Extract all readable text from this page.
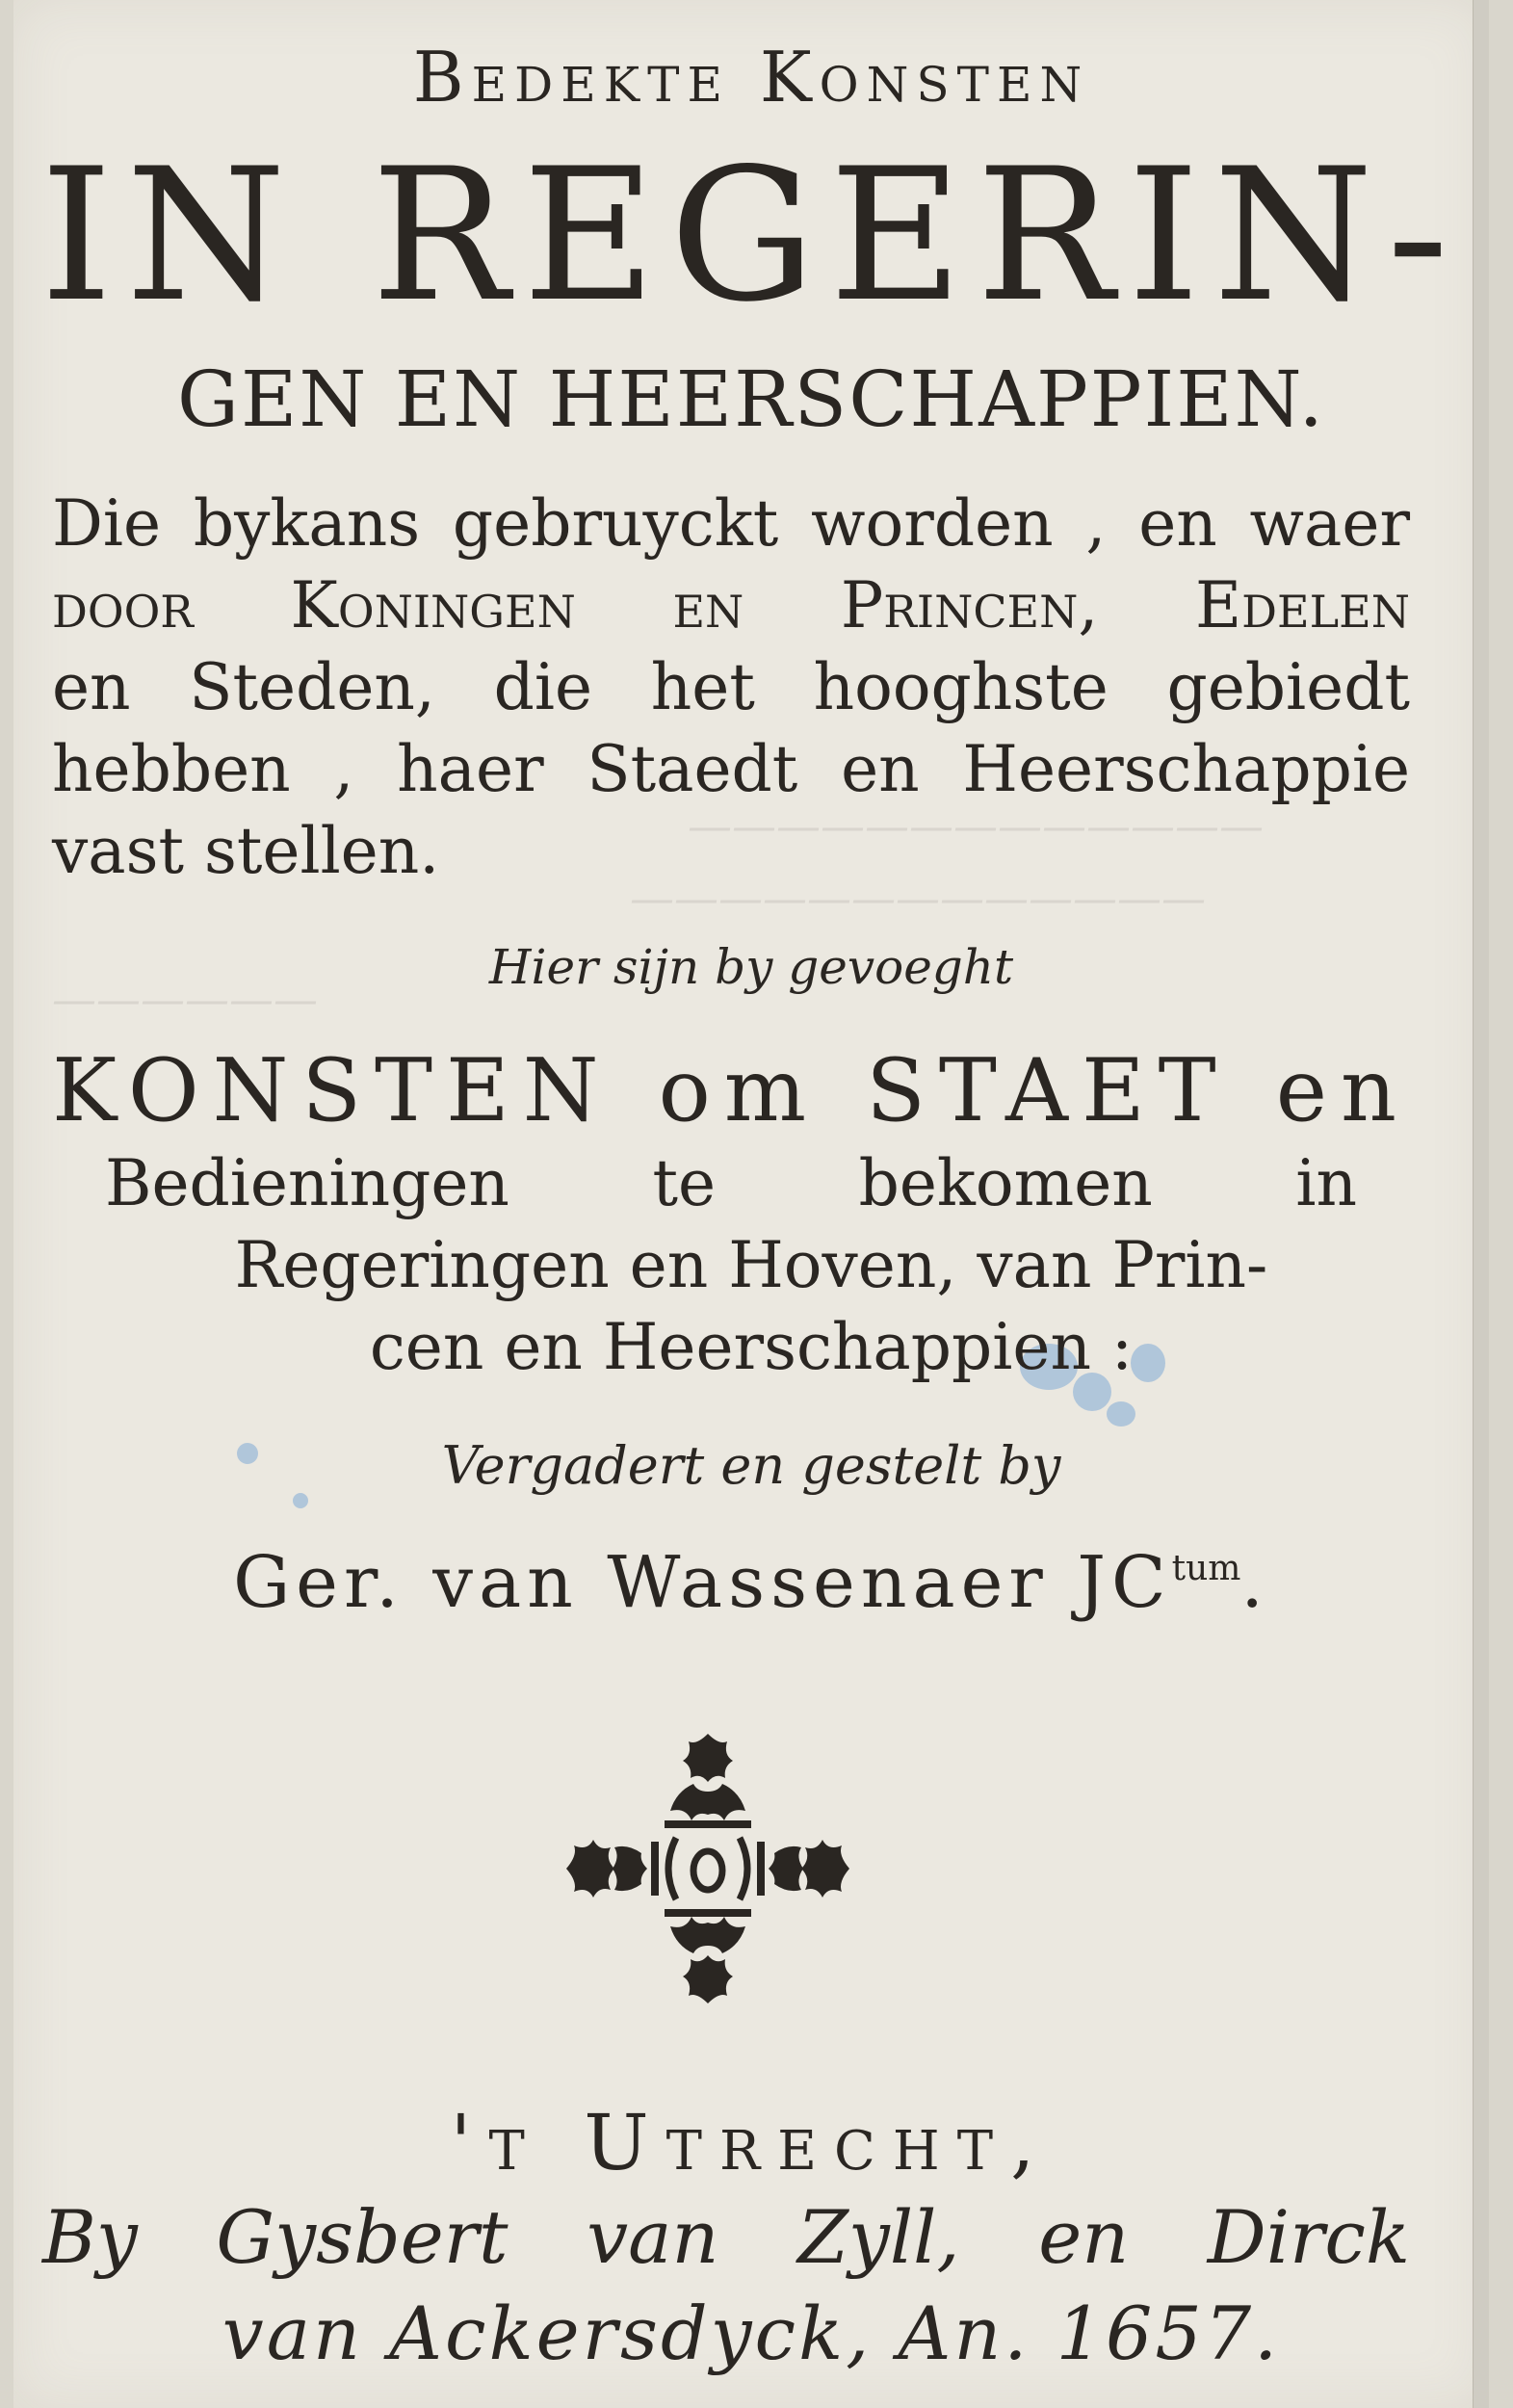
—————————————
—————————————
——————
Bedekte Konsten
IN REGERIN-
GEN EN HEERSCHAPPIEN.
Die bykans gebruyckt worden , en waer
door Koningen en Princen, Edelen
en Steden, die het hooghste gebiedt
hebben , haer Staedt en Heerschappie
vast stellen.
Hier sijn by gevoeght
KONSTEN om STAET en
Bedieningen te bekomen in
Regeringen en Hoven, van Prin-
cen en Heerschappien :
Vergadert en gestelt by
Ger. van Wassenaer $JC^{tum}$.
't Utrecht,
By Gysbert van Zyll, en Dirck
van Ackersdyck, An. 1657.
